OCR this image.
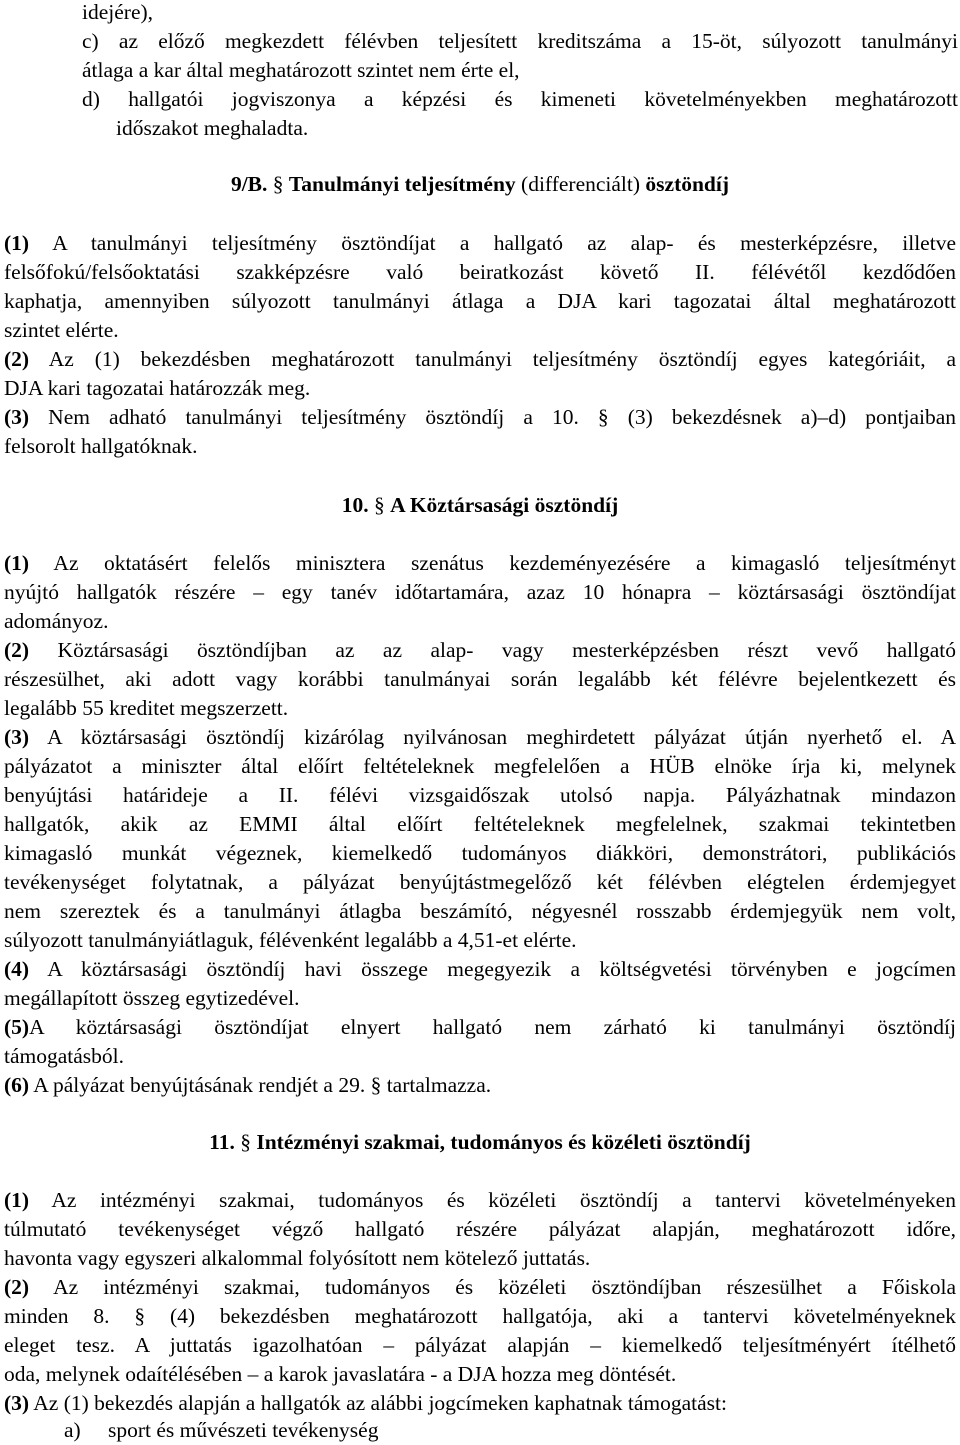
idejére),
c) az előző megkezdett félévben teljesített kreditszáma a 15-öt, súlyozott tanulmányi
átlaga a kar által meghatározott szintet nem érte el,
d) hallgatói jogviszonya a képzési és kimeneti követelményekben meghatározott
időszakot meghaladta.
9/B. § Tanulmányi teljesítmény (differenciált) ösztöndíj
(1) A tanulmányi teljesítmény ösztöndíjat a hallgató az alap- és mesterképzésre, illetve
felsőfokú/felsőoktatási szakképzésre való beiratkozást követő II. félévétől kezdődően
kaphatja, amennyiben súlyozott tanulmányi átlaga a DJA kari tagozatai által meghatározott
szintet elérte.
(2) Az (1) bekezdésben meghatározott tanulmányi teljesítmény ösztöndíj egyes kategóriáit, a
DJA kari tagozatai határozzák meg.
(3) Nem adható tanulmányi teljesítmény ösztöndíj a 10. § (3) bekezdésnek a)–d) pontjaiban
felsorolt hallgatóknak.
10. § A Köztársasági ösztöndíj
(1) Az oktatásért felelős minisztera szenátus kezdeményezésére a kimagasló teljesítményt
nyújtó hallgatók részére – egy tanév időtartamára, azaz 10 hónapra – köztársasági ösztöndíjat
adományoz.
(2) Köztársasági ösztöndíjban az az alap- vagy mesterképzésben részt vevő hallgató
részesülhet, aki adott vagy korábbi tanulmányai során legalább két félévre bejelentkezett és
legalább 55 kreditet megszerzett.
(3) A köztársasági ösztöndíj kizárólag nyilvánosan meghirdetett pályázat útján nyerhető el. A
pályázatot a miniszter által előírt feltételeknek megfelelően a HÜB elnöke írja ki, melynek
benyújtási határideje a II. félévi vizsgaidőszak utolsó napja. Pályázhatnak mindazon
hallgatók, akik az EMMI által előírt feltételeknek megfelelnek, szakmai tekintetben
kimagasló munkát végeznek, kiemelkedő tudományos diákköri, demonstrátori, publikációs
tevékenységet folytatnak, a pályázat benyújtástmegelőző két félévben elégtelen érdemjegyet
nem szereztek és a tanulmányi átlagba beszámító, négyesnél rosszabb érdemjegyük nem volt,
súlyozott tanulmányiátlaguk, félévenként legalább a 4,51-et elérte.
(4) A köztársasági ösztöndíj havi összege megegyezik a költségvetési törvényben e jogcímen
megállapított összeg egytizedével.
(5)A köztársasági ösztöndíjat elnyert hallgató nem zárható ki tanulmányi ösztöndíj
támogatásból.
(6) A pályázat benyújtásának rendjét a 29. § tartalmazza.
11. § Intézményi szakmai, tudományos és közéleti ösztöndíj
(1) Az intézményi szakmai, tudományos és közéleti ösztöndíj a tantervi követelményeken
túlmutató tevékenységet végző hallgató részére pályázat alapján, meghatározott időre,
havonta vagy egyszeri alkalommal folyósított nem kötelező juttatás.
(2) Az intézményi szakmai, tudományos és közéleti ösztöndíjban részesülhet a Főiskola
minden 8. § (4) bekezdésben meghatározott hallgatója, aki a tantervi követelményeknek
eleget tesz. A juttatás igazolhatóan – pályázat alapján – kiemelkedő teljesítményért ítélhető
oda, melynek odaítélésében – a karok javaslatára - a DJA hozza meg döntését.
(3) Az (1) bekezdés alapján a hallgatók az alábbi jogcímeken kaphatnak támogatást:
a) sport és művészeti tevékenység
